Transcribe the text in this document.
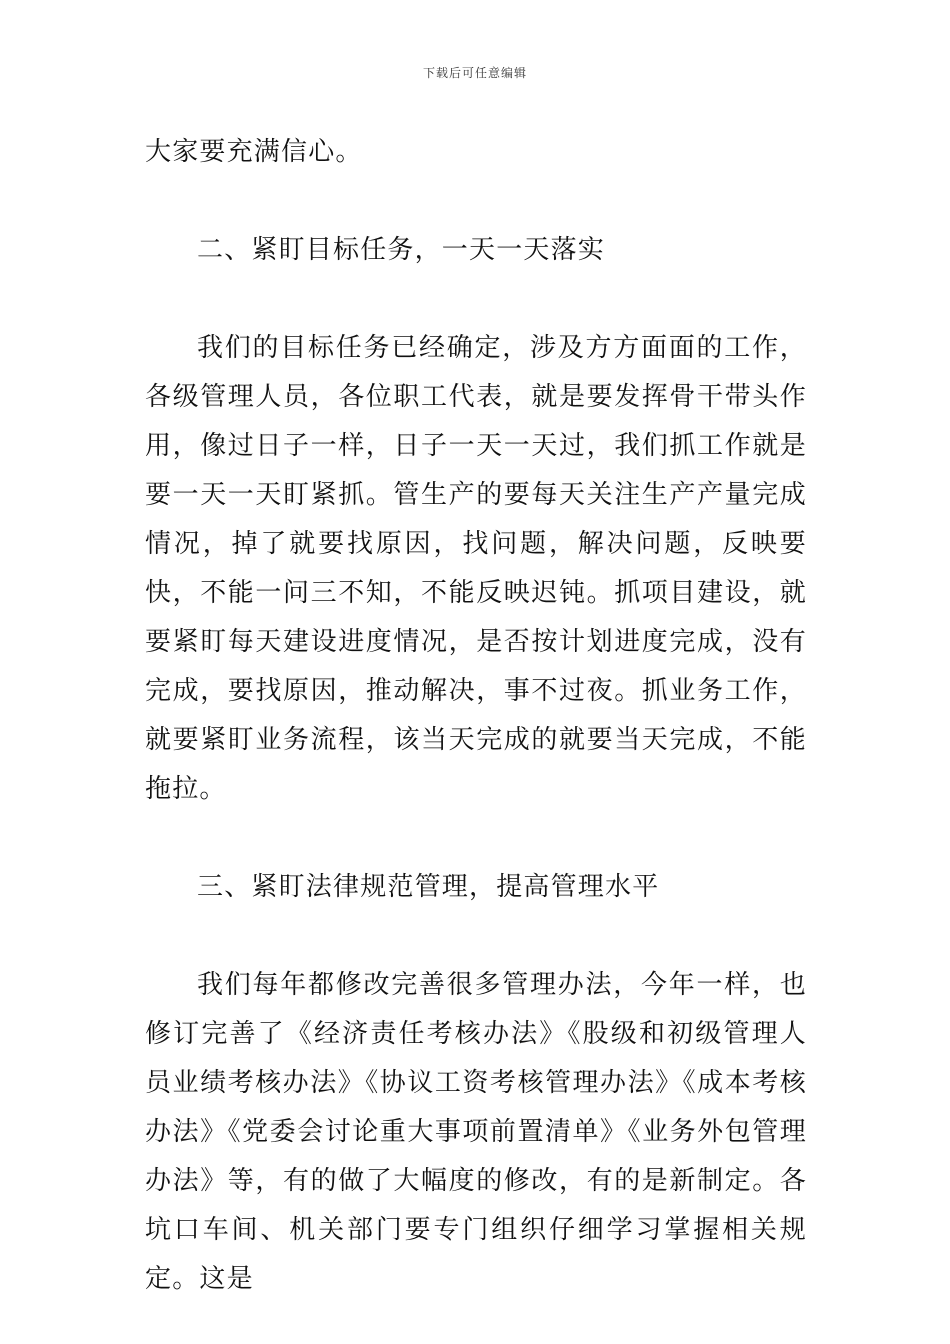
下载后可任意编辑

大家要充满信心。

二、紧盯目标任务，一天一天落实

我们的目标任务已经确定，涉及方方面面的工作，各级管理人员，各位职工代表，就是要发挥骨干带头作用，像过日子一样，日子一天一天过，我们抓工作就是要一天一天盯紧抓。管生产的要每天关注生产产量完成情况，掉了就要找原因，找问题，解决问题，反映要快，不能一问三不知，不能反映迟钝。抓项目建设，就要紧盯每天建设进度情况，是否按计划进度完成，没有完成，要找原因，推动解决，事不过夜。抓业务工作，就要紧盯业务流程，该当天完成的就要当天完成，不能拖拉。

三、紧盯法律规范管理，提高管理水平

我们每年都修改完善很多管理办法，今年一样，也修订完善了《经济责任考核办法》《股级和初级管理人员业绩考核办法》《协议工资考核管理办法》《成本考核办法》《党委会讨论重大事项前置清单》《业务外包管理办法》等，有的做了大幅度的修改，有的是新制定。各坑口车间、机关部门要专门组织仔细学习掌握相关规定。这是
